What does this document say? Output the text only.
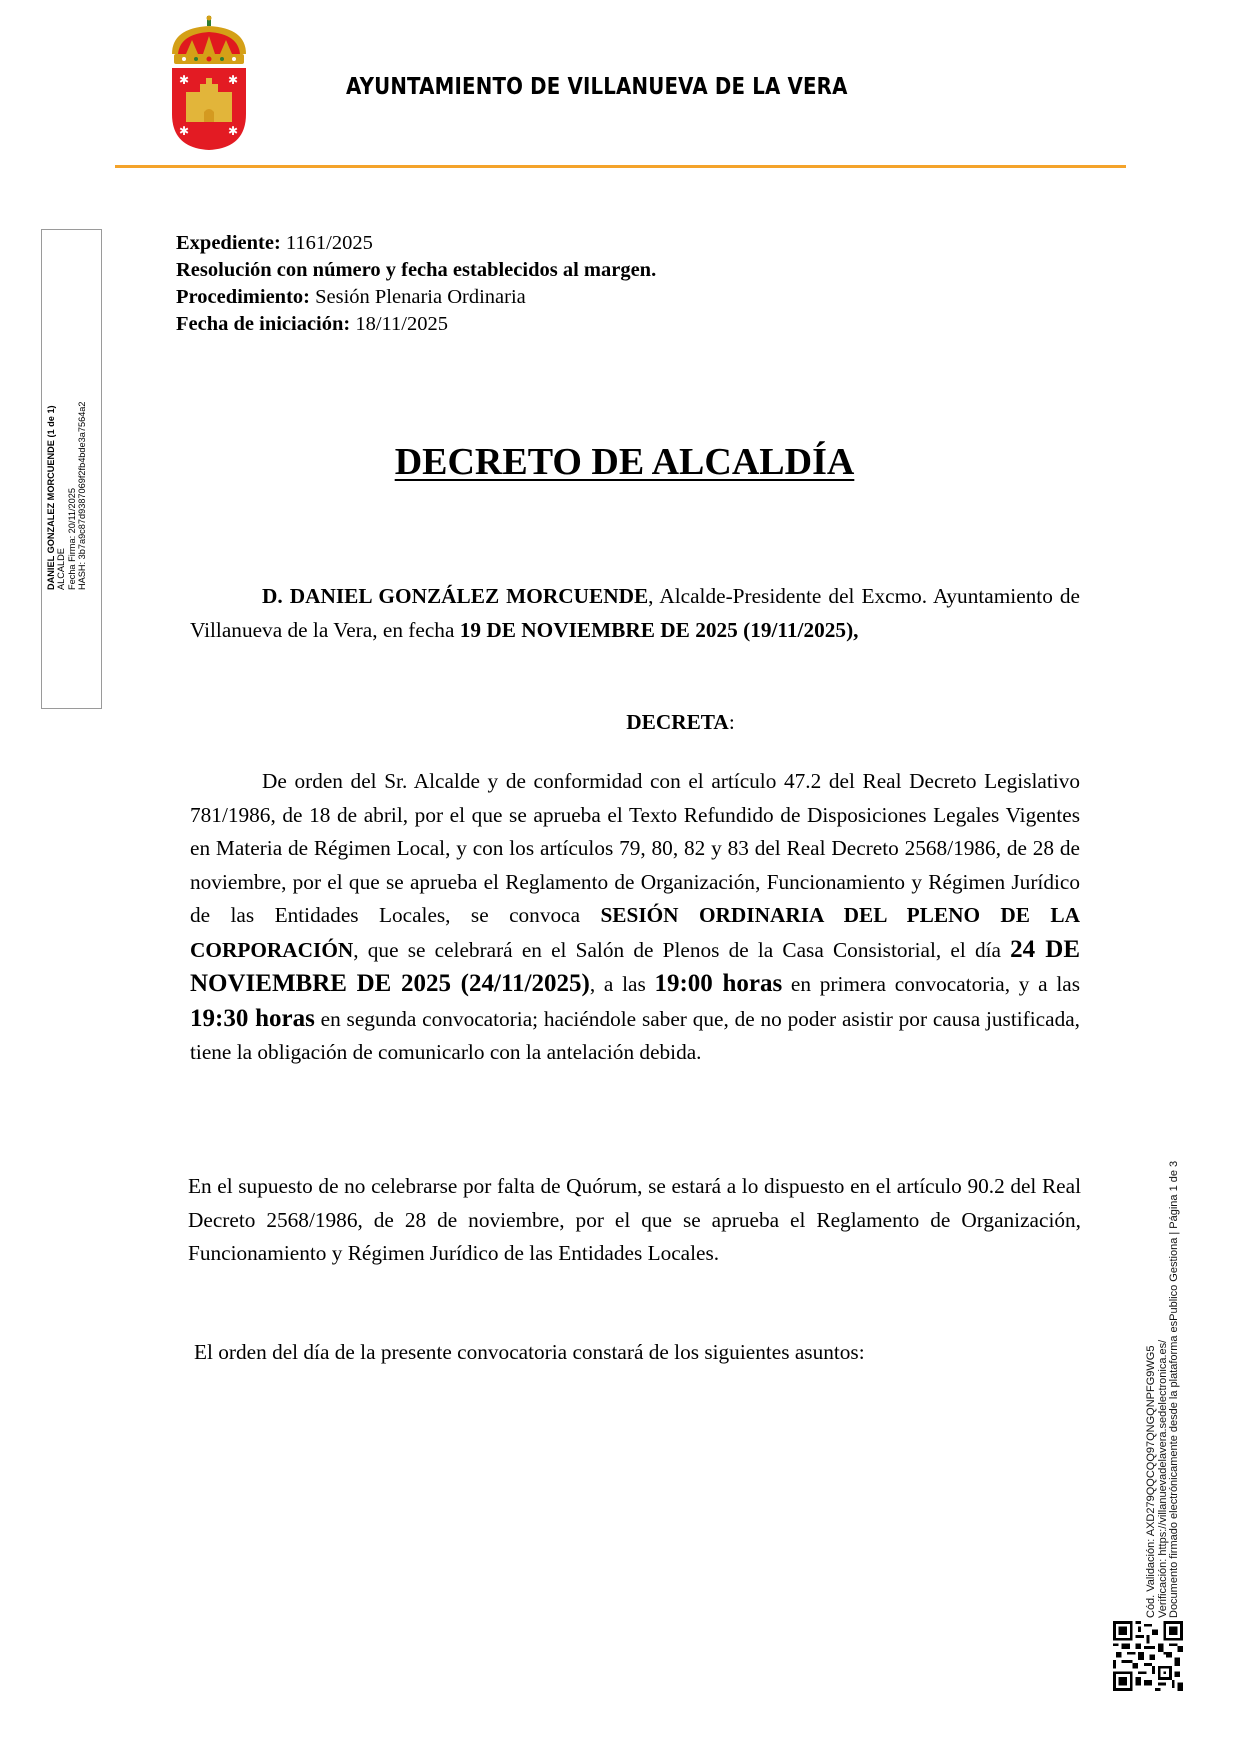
✱	✱
✱	✱
AYUNTAMIENTO DE VILLANUEVA DE LA VERA
DANIEL GONZALEZ MORCUENDE (1 de 1) ALCALDE Fecha Firma: 20/11/2025 HASH: 3b7a9c87d9387069f2fb4bde3a7564a2
Cód. Validación: AXD279QQCQQ97QNGQNPFG9WG5 Verificación: https://villanuevadelavera.sedelectronica.es/ Documento firmado electrónicamente desde la plataforma esPublico Gestiona | Página 1 de 3
Expediente: 1161/2025
Resolución con número y fecha establecidos al margen.
Procedimiento: Sesión Plenaria Ordinaria
Fecha de iniciación: 18/11/2025
DECRETO DE ALCALDÍA
D. DANIEL GONZÁLEZ MORCUENDE, Alcalde-Presidente del Excmo. Ayuntamiento de Villanueva de la Vera, en fecha 19 DE NOVIEMBRE DE 2025 (19/11/2025),
DECRETA:
De orden del Sr. Alcalde y de conformidad con el artículo 47.2 del Real Decreto Legislativo 781/1986, de 18 de abril, por el que se aprueba el Texto Refundido de Disposiciones Legales Vigentes en Materia de Régimen Local, y con los artículos 79, 80, 82 y 83 del Real Decreto 2568/1986, de 28 de noviembre, por el que se aprueba el Reglamento de Organización, Funcionamiento y Régimen Jurídico de las Entidades Locales, se convoca SESIÓN ORDINARIA DEL PLENO DE LA CORPORACIÓN, que se celebrará en el Salón de Plenos de la Casa Consistorial, el día 24 DE NOVIEMBRE DE 2025 (24/11/2025), a las 19:00 horas en primera convocatoria, y a las 19:30 horas en segunda convocatoria; haciéndole saber que, de no poder asistir por causa justificada, tiene la obligación de comunicarlo con la antelación debida.
En el supuesto de no celebrarse por falta de Quórum, se estará a lo dispuesto en el artículo 90.2 del Real Decreto 2568/1986, de 28 de noviembre, por el que se aprueba el Reglamento de Organización, Funcionamiento y Régimen Jurídico de las Entidades Locales.
El orden del día de la presente convocatoria constará de los siguientes asuntos:
